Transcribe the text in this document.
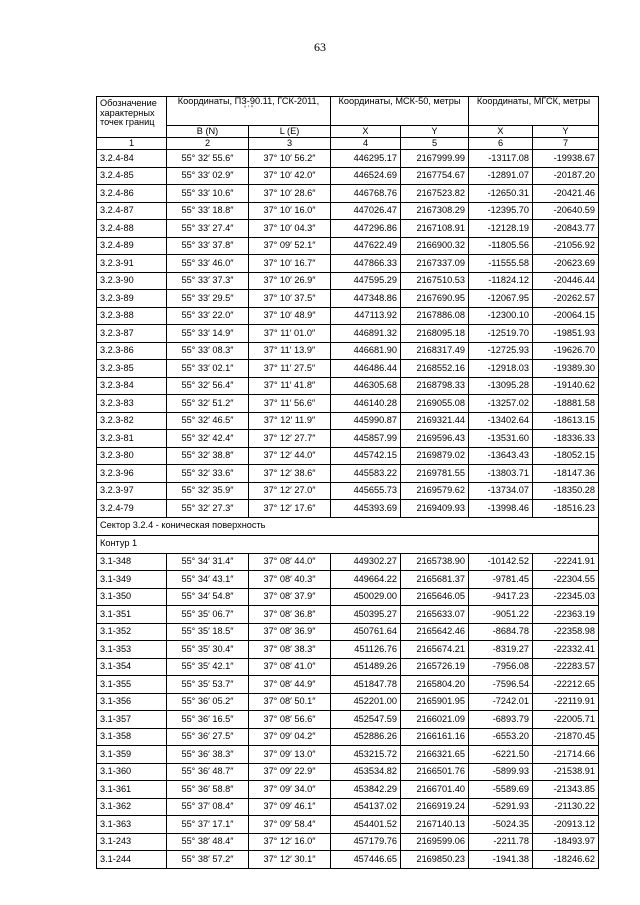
63
Обозначение
характерных
точек границ	Координаты, ПЗ-90.11, ГСК-2011,
° ′ ″		Координаты, МСК-50, метры		Координаты, МГСК, метры	
	B (N)	L (E)	X	Y	X	Y
1	2	3	4	5	6	7
3.2.4-84	55° 32′ 55.6″	37° 10′ 56.2″	446295.17	2167999.99	-13117.08	-19938.67
3.2.4-85	55° 33′ 02.9″	37° 10′ 42.0″	446524.69	2167754.67	-12891.07	-20187.20
3.2.4-86	55° 33′ 10.6″	37° 10′ 28.6″	446768.76	2167523.82	-12650.31	-20421.46
3.2.4-87	55° 33′ 18.8″	37° 10′ 16.0″	447026.47	2167308.29	-12395.70	-20640.59
3.2.4-88	55° 33′ 27.4″	37° 10′ 04.3″	447296.86	2167108.91	-12128.19	-20843.77
3.2.4-89	55° 33′ 37.8″	37° 09′ 52.1″	447622.49	2166900.32	-11805.56	-21056.92
3.2.3-91	55° 33′ 46.0″	37° 10′ 16.7″	447866.33	2167337.09	-11555.58	-20623.69
3.2.3-90	55° 33′ 37.3″	37° 10′ 26.9″	447595.29	2167510.53	-11824.12	-20446.44
3.2.3-89	55° 33′ 29.5″	37° 10′ 37.5″	447348.86	2167690.95	-12067.95	-20262.57
3.2.3-88	55° 33′ 22.0″	37° 10′ 48.9″	447113.92	2167886.08	-12300.10	-20064.15
3.2.3-87	55° 33′ 14.9″	37° 11′ 01.0″	446891.32	2168095.18	-12519.70	-19851.93
3.2.3-86	55° 33′ 08.3″	37° 11′ 13.9″	446681.90	2168317.49	-12725.93	-19626.70
3.2.3-85	55° 33′ 02.1″	37° 11′ 27.5″	446486.44	2168552.16	-12918.03	-19389.30
3.2.3-84	55° 32′ 56.4″	37° 11′ 41.8″	446305.68	2168798.33	-13095.28	-19140.62
3.2.3-83	55° 32′ 51.2″	37° 11′ 56.6″	446140.28	2169055.08	-13257.02	-18881.58
3.2.3-82	55° 32′ 46.5″	37° 12′ 11.9″	445990.87	2169321.44	-13402.64	-18613.15
3.2.3-81	55° 32′ 42.4″	37° 12′ 27.7″	445857.99	2169596.43	-13531.60	-18336.33
3.2.3-80	55° 32′ 38.8″	37° 12′ 44.0″	445742.15	2169879.02	-13643.43	-18052.15
3.2.3-96	55° 32′ 33.6″	37° 12′ 38.6″	445583.22	2169781.55	-13803.71	-18147.36
3.2.3-97	55° 32′ 35.9″	37° 12′ 27.0″	445655.73	2169579.62	-13734.07	-18350.28
3.2.4-79	55° 32′ 27.3″	37° 12′ 17.6″	445393.69	2169409.93	-13998.46	-18516.23
Сектор 3.2.4 - коническая поверхность						
Контур 1						
3.1-348	55° 34′ 31.4″	37° 08′ 44.0″	449302.27	2165738.90	-10142.52	-22241.91
3.1-349	55° 34′ 43.1″	37° 08′ 40.3″	449664.22	2165681.37	-9781.45	-22304.55
3.1-350	55° 34′ 54.8″	37° 08′ 37.9″	450029.00	2165646.05	-9417.23	-22345.03
3.1-351	55° 35′ 06.7″	37° 08′ 36.8″	450395.27	2165633.07	-9051.22	-22363.19
3.1-352	55° 35′ 18.5″	37° 08′ 36.9″	450761.64	2165642.46	-8684.78	-22358.98
3.1-353	55° 35′ 30.4″	37° 08′ 38.3″	451126.76	2165674.21	-8319.27	-22332.41
3.1-354	55° 35′ 42.1″	37° 08′ 41.0″	451489.26	2165726.19	-7956.08	-22283.57
3.1-355	55° 35′ 53.7″	37° 08′ 44.9″	451847.78	2165804.20	-7596.54	-22212.65
3.1-356	55° 36′ 05.2″	37° 08′ 50.1″	452201.00	2165901.95	-7242.01	-22119.91
3.1-357	55° 36′ 16.5″	37° 08′ 56.6″	452547.59	2166021.09	-6893.79	-22005.71
3.1-358	55° 36′ 27.5″	37° 09′ 04.2″	452886.26	2166161.16	-6553.20	-21870.45
3.1-359	55° 36′ 38.3″	37° 09′ 13.0″	453215.72	2166321.65	-6221.50	-21714.66
3.1-360	55° 36′ 48.7″	37° 09′ 22.9″	453534.82	2166501.76	-5899.93	-21538.91
3.1-361	55° 36′ 58.8″	37° 09′ 34.0″	453842.29	2166701.40	-5589.69	-21343.85
3.1-362	55° 37′ 08.4″	37° 09′ 46.1″	454137.02	2166919.24	-5291.93	-21130.22
3.1-363	55° 37′ 17.1″	37° 09′ 58.4″	454401.52	2167140.13	-5024.35	-20913.12
3.1-243	55° 38′ 48.4″	37° 12′ 16.0″	457179.76	2169599.06	-2211.78	-18493.97
3.1-244	55° 38′ 57.2″	37° 12′ 30.1″	457446.65	2169850.23	-1941.38	-18246.62
